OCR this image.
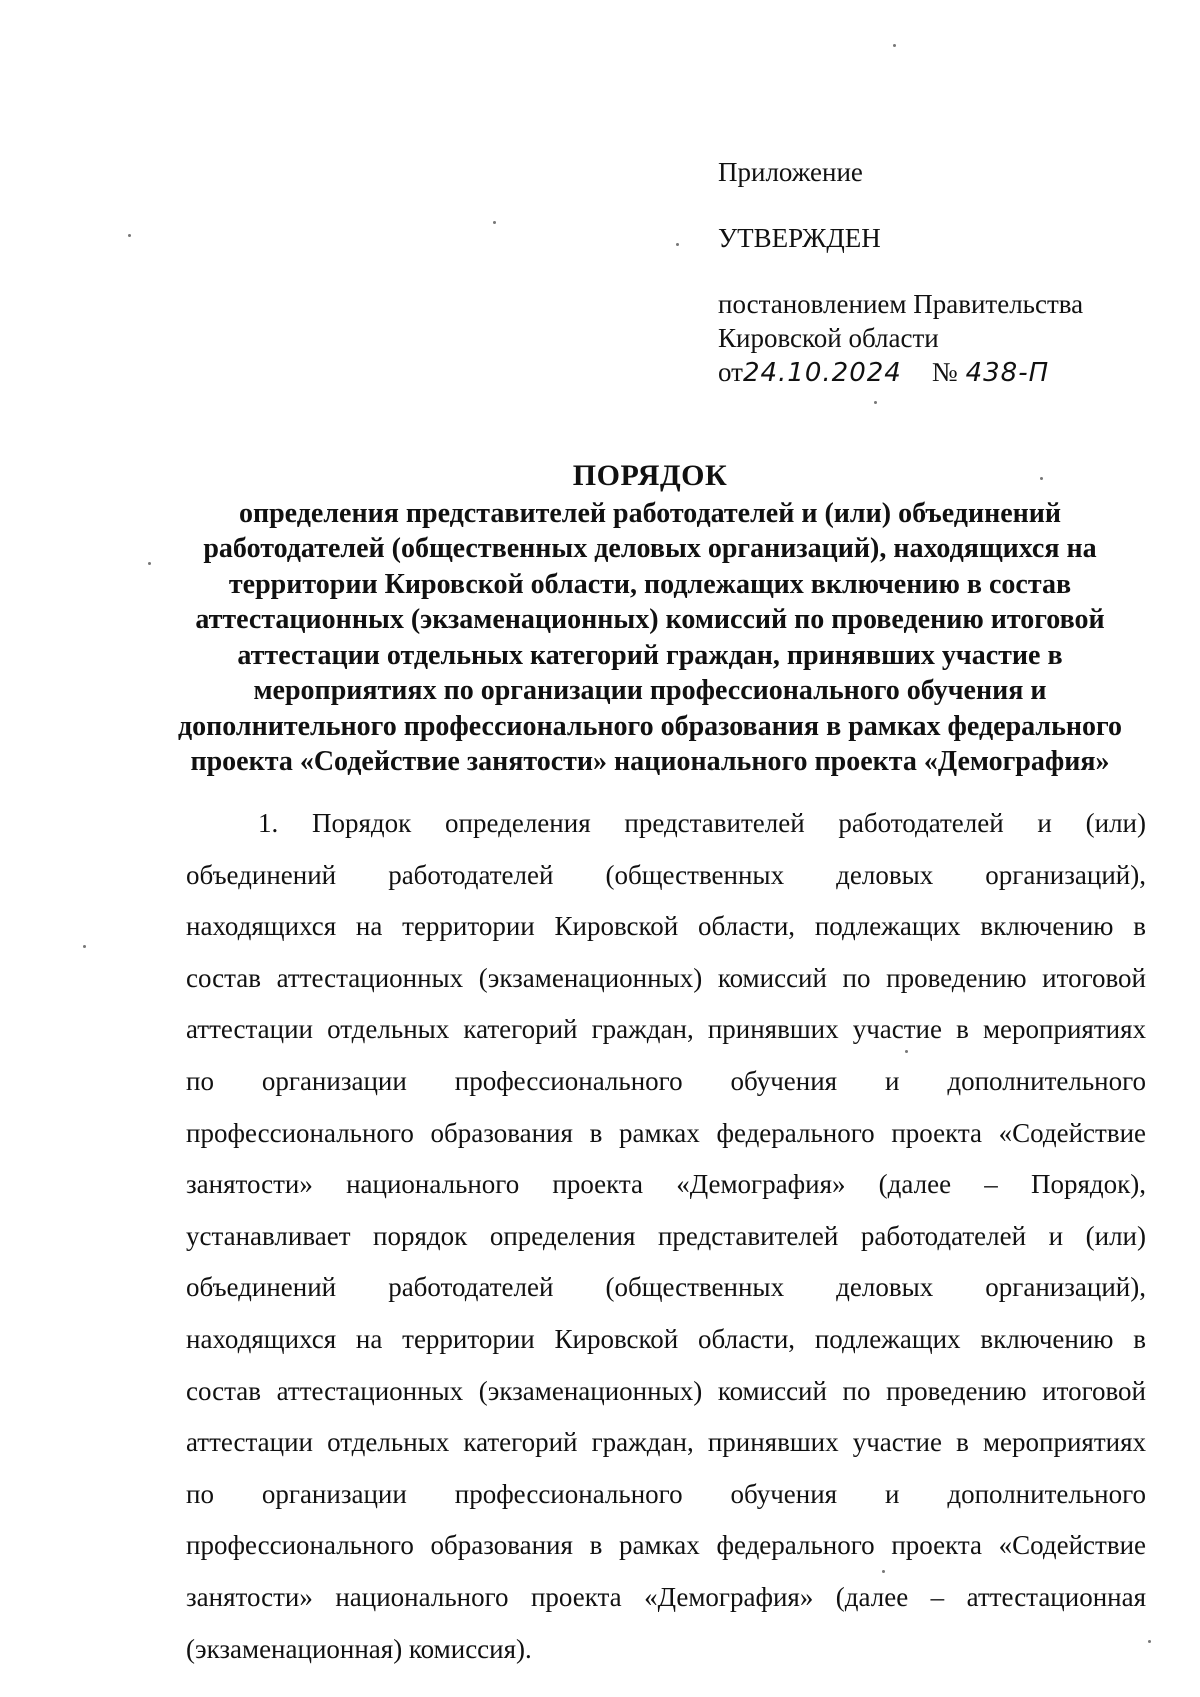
Приложение
УТВЕРЖДЕН
постановлением Правительства
Кировской области
от 24.10.2024 № 438-П
ПОРЯДОК
определения представителей работодателей и (или) объединений
работодателей (общественных деловых организаций), находящихся на
территории Кировской области, подлежащих включению в состав
аттестационных (экзаменационных) комиссий по проведению итоговой
аттестации отдельных категорий граждан, принявших участие в
мероприятиях по организации профессионального обучения и
дополнительного профессионального образования в рамках федерального
проекта «Содействие занятости» национального проекта «Демография»
1. Порядок определения представителей работодателей и (или)
объединений работодателей (общественных деловых организаций),
находящихся на территории Кировской области, подлежащих включению в
состав аттестационных (экзаменационных) комиссий по проведению итоговой
аттестации отдельных категорий граждан, принявших участие в мероприятиях
по организации профессионального обучения и дополнительного
профессионального образования в рамках федерального проекта «Содействие
занятости» национального проекта «Демография» (далее – Порядок),
устанавливает порядок определения представителей работодателей и (или)
объединений работодателей (общественных деловых организаций),
находящихся на территории Кировской области, подлежащих включению в
состав аттестационных (экзаменационных) комиссий по проведению итоговой
аттестации отдельных категорий граждан, принявших участие в мероприятиях
по организации профессионального обучения и дополнительного
профессионального образования в рамках федерального проекта «Содействие
занятости» национального проекта «Демография» (далее – аттестационная
(экзаменационная) комиссия).
